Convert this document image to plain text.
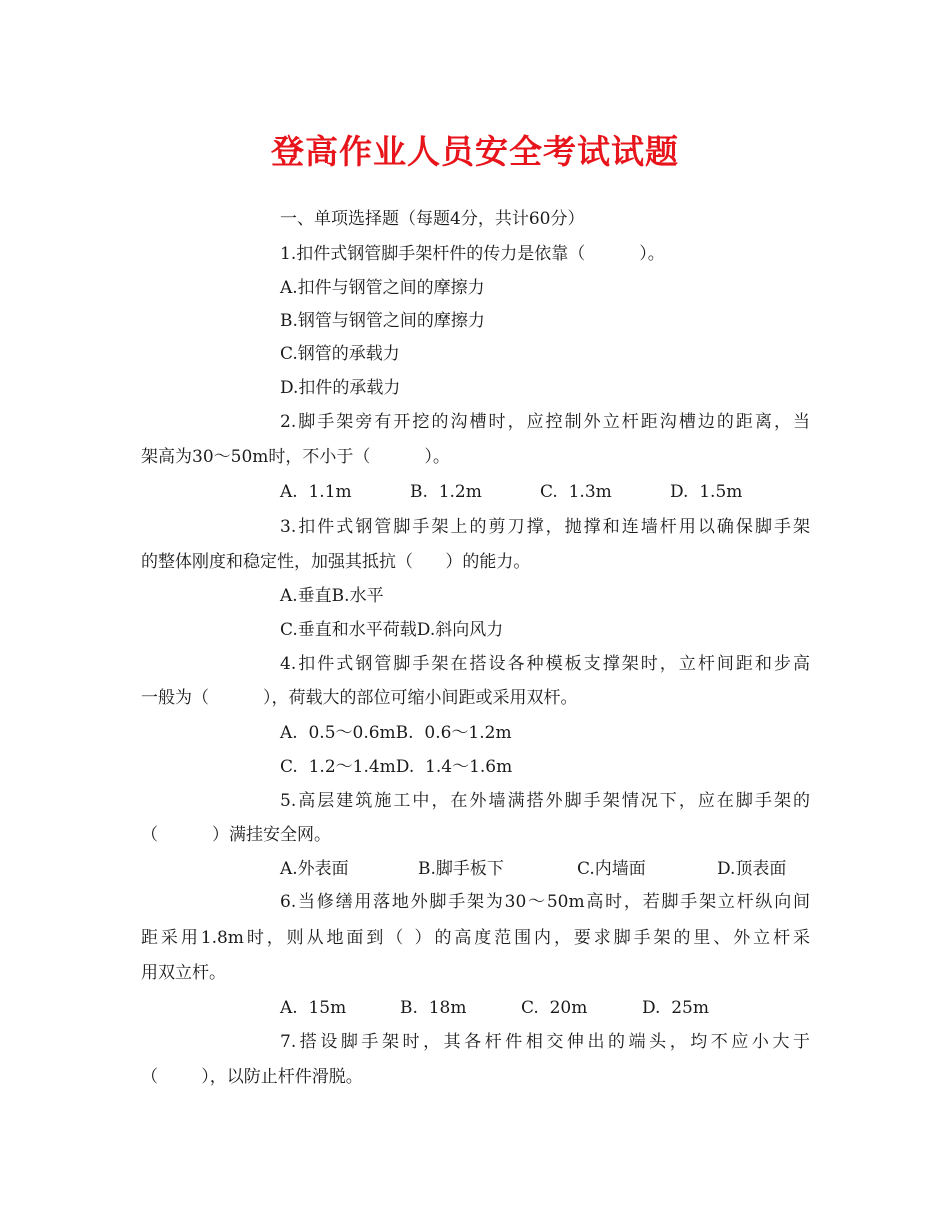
登高作业人员安全考试试题
一、单项选择题（每题4分，共计60分）
1.扣件式钢管脚手架杆件的传力是依靠（          ）。
A.扣件与钢管之间的摩擦力
B.钢管与钢管之间的摩擦力
C.钢管的承载力
D.扣件的承载力
2.脚手架旁有开挖的沟槽时，应控制外立杆距沟槽边的距离，当
架高为30～50m时，不小于（          ）。
A.  1.1m	B.  1.2m	C.  1.3m	D.  1.5m
3.扣件式钢管脚手架上的剪刀撑，抛撑和连墙杆用以确保脚手架
的整体刚度和稳定性，加强其抵抗（      ）的能力。
A.垂直B.水平
C.垂直和水平荷载D.斜向风力
4.扣件式钢管脚手架在搭设各种模板支撑架时，立杆间距和步高
一般为（          ），荷载大的部位可缩小间距或采用双杆。
A.  0.5～0.6mB.  0.6～1.2m
C.  1.2～1.4mD.  1.4～1.6m
5.高层建筑施工中，在外墙满搭外脚手架情况下，应在脚手架的
（          ）满挂安全网。
A.外表面	B.脚手板下	C.内墙面	D.顶表面
6.当修缮用落地外脚手架为30～50m高时，若脚手架立杆纵向间
距采用1.8m时，则从地面到（ ）的高度范围内，要求脚手架的里、外立杆采
用双立杆。
A.  15m	B.  18m	C.  20m	D.  25m
7.搭设脚手架时，其各杆件相交伸出的端头，均不应小大于
（        ），以防止杆件滑脱。
